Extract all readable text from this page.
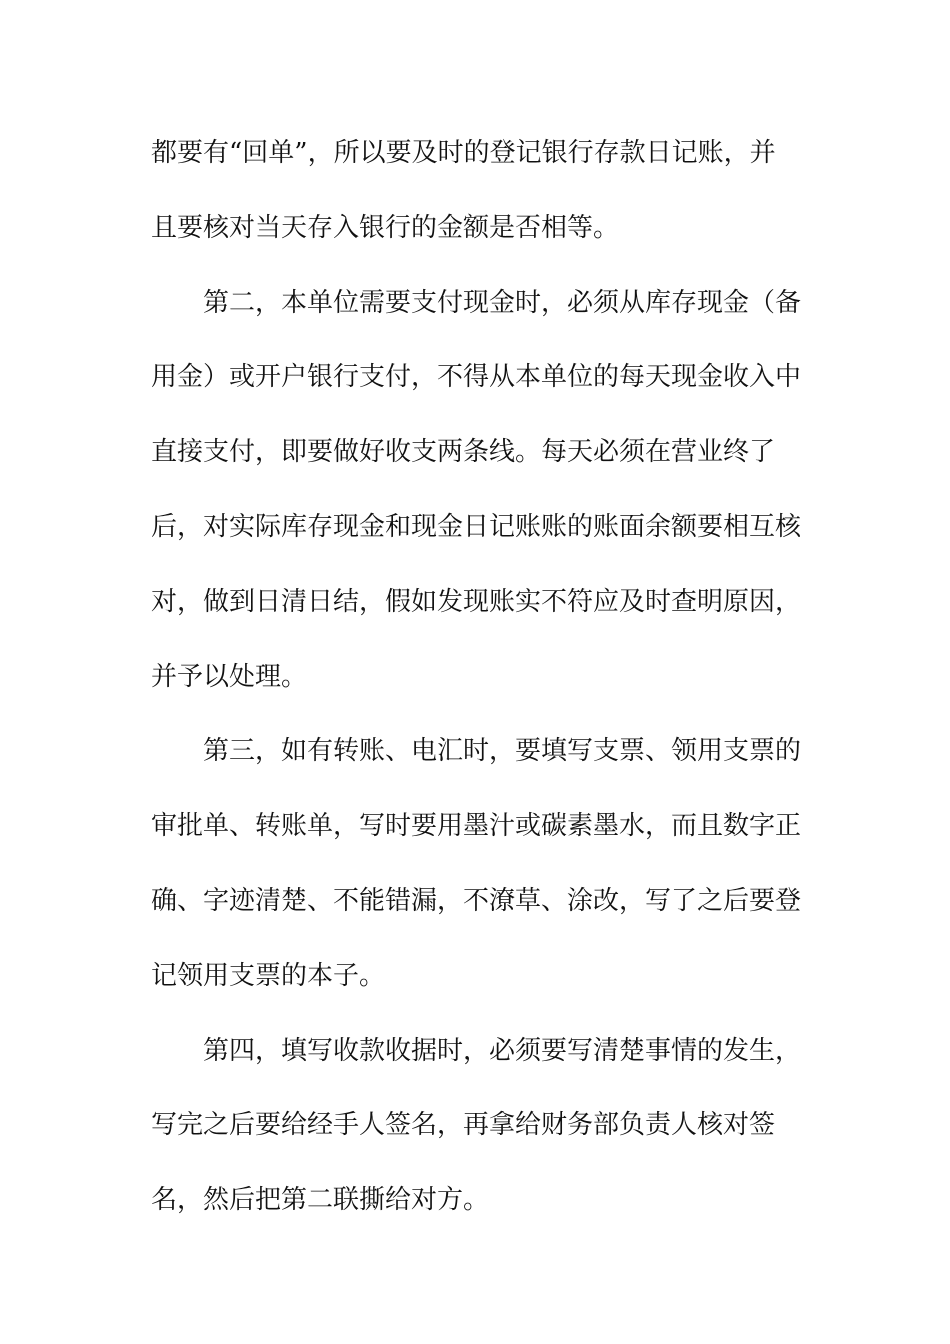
都要有“回单”，所以要及时的登记银行存款日记账，并
且要核对当天存入银行的金额是否相等。
第二，本单位需要支付现金时，必须从库存现金（备
用金）或开户银行支付，不得从本单位的每天现金收入中
直接支付，即要做好收支两条线。每天必须在营业终了
后，对实际库存现金和现金日记账账的账面余额要相互核
对，做到日清日结，假如发现账实不符应及时查明原因，
并予以处理。
第三，如有转账、电汇时，要填写支票、领用支票的
审批单、转账单，写时要用墨汁或碳素墨水，而且数字正
确、字迹清楚、不能错漏，不潦草、涂改，写了之后要登
记领用支票的本子。
第四，填写收款收据时，必须要写清楚事情的发生，
写完之后要给经手人签名，再拿给财务部负责人核对签
名，然后把第二联撕给对方。
